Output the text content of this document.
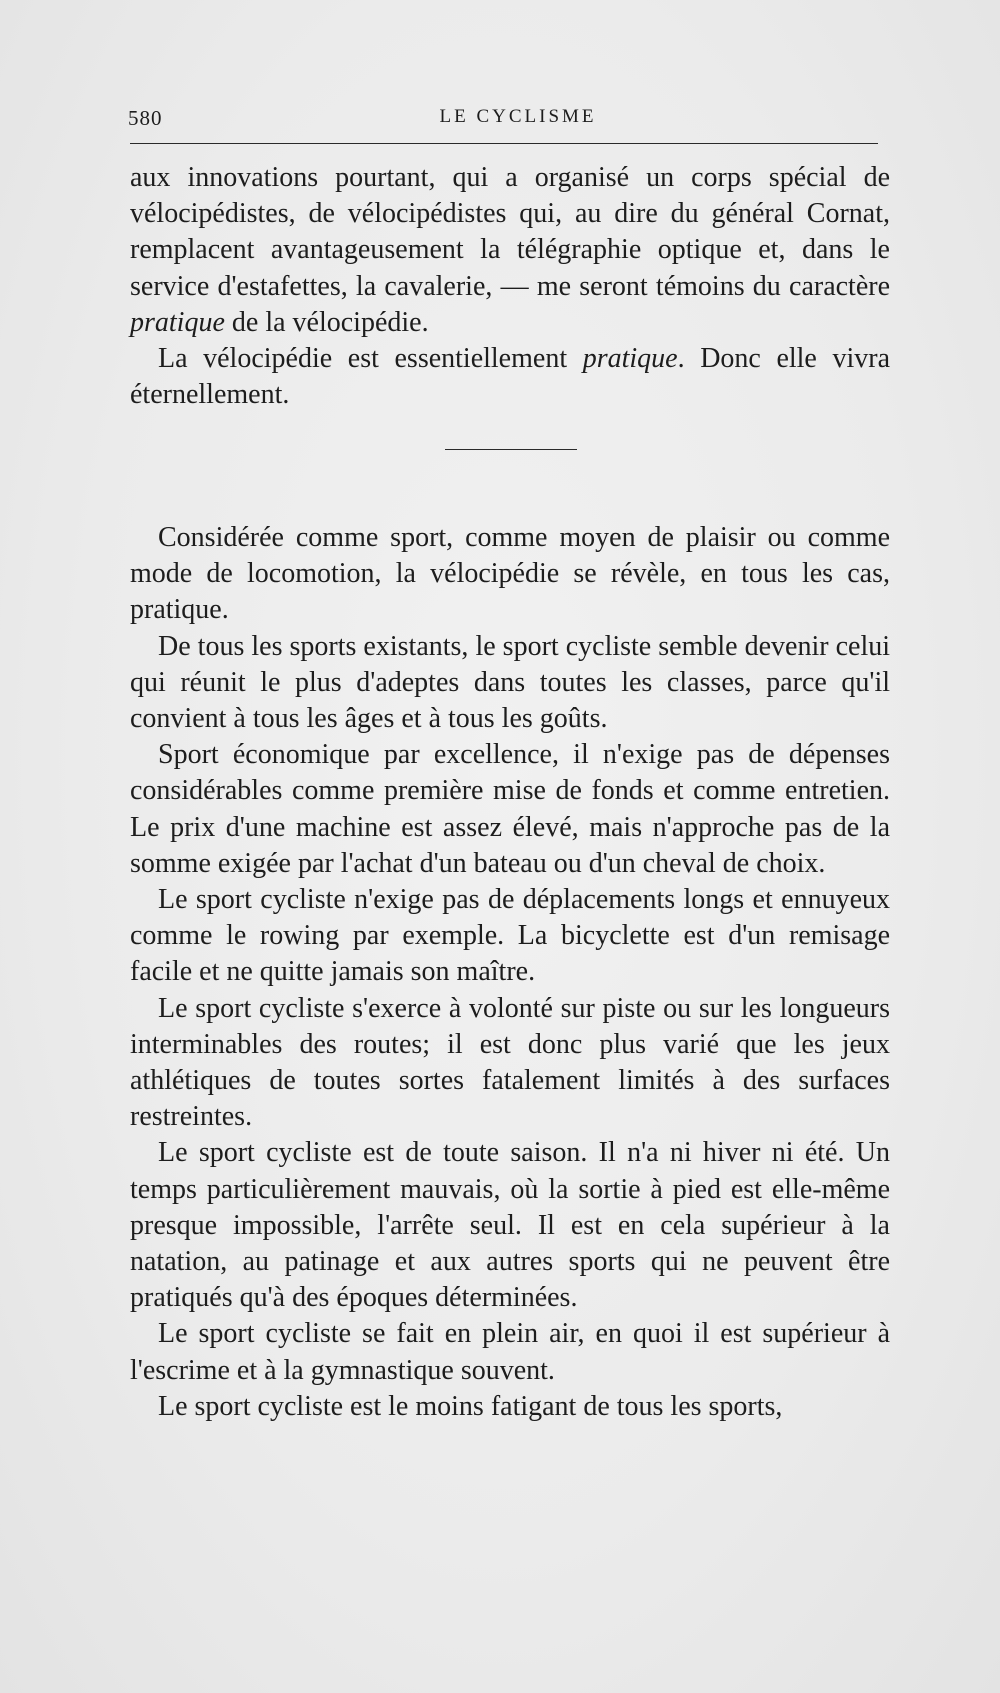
580	LE CYCLISME

aux innovations pourtant, qui a organisé un corps spécial de vélocipédistes, de vélocipédistes qui, au dire du général Cornat, remplacent avantageusement la télégraphie optique et, dans le service d'estafettes, la cavalerie, — me seront témoins du caractère pratique de la vélocipédie.

La vélocipédie est essentiellement pratique. Donc elle vivra éternellement.

Considérée comme sport, comme moyen de plaisir ou comme mode de locomotion, la vélocipédie se révèle, en tous les cas, pratique.

De tous les sports existants, le sport cycliste semble devenir celui qui réunit le plus d'adeptes dans toutes les classes, parce qu'il convient à tous les âges et à tous les goûts.

Sport économique par excellence, il n'exige pas de dépenses considérables comme première mise de fonds et comme entretien. Le prix d'une machine est assez élevé, mais n'approche pas de la somme exigée par l'achat d'un bateau ou d'un cheval de choix.

Le sport cycliste n'exige pas de déplacements longs et ennuyeux comme le rowing par exemple. La bicyclette est d'un remisage facile et ne quitte jamais son maître.

Le sport cycliste s'exerce à volonté sur piste ou sur les longueurs interminables des routes; il est donc plus varié que les jeux athlétiques de toutes sortes fatalement limités à des surfaces restreintes.

Le sport cycliste est de toute saison. Il n'a ni hiver ni été. Un temps particulièrement mauvais, où la sortie à pied est elle-même presque impossible, l'arrête seul. Il est en cela supérieur à la natation, au patinage et aux autres sports qui ne peuvent être pratiqués qu'à des époques déterminées.

Le sport cycliste se fait en plein air, en quoi il est supérieur à l'escrime et à la gymnastique souvent.

Le sport cycliste est le moins fatigant de tous les sports,
